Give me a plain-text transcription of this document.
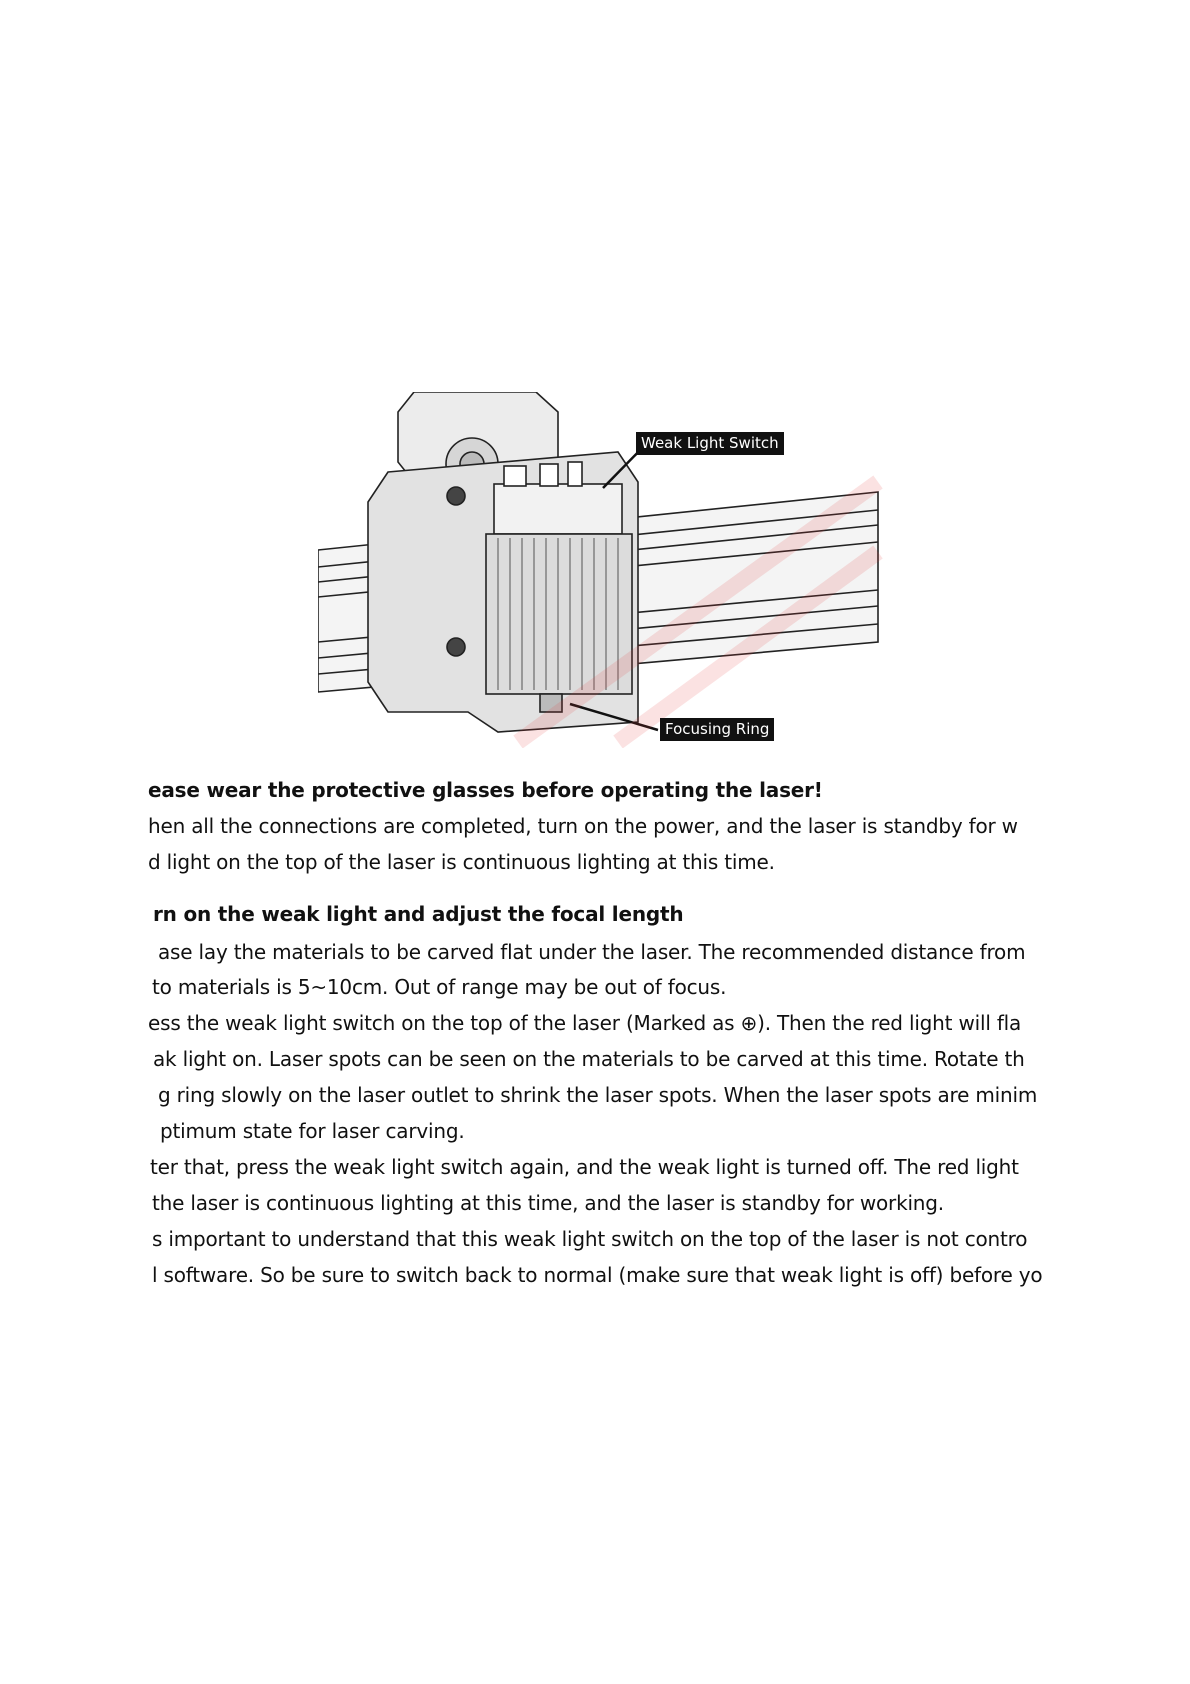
Weak Light Switch
Focusing Ring
ease wear the protective glasses before operating the laser!
hen all the connections are completed, turn on the power, and the laser is standby for w
d light on the top of the laser is continuous lighting at this time.
rn on the weak light and adjust the focal length
ase lay the materials to be carved flat under the laser. The recommended distance from
to materials is 5~10cm. Out of range may be out of focus.
ess the weak light switch on the top of the laser (Marked as ⊕). Then the red light will fla
ak light on. Laser spots can be seen on the materials to be carved at this time. Rotate th
g ring slowly on the laser outlet to shrink the laser spots. When the laser spots are minim
ptimum state for laser carving.
ter that, press the weak light switch again, and the weak light is turned off. The red light
the laser is continuous lighting at this time, and the laser is standby for working.
s important to understand that this weak light switch on the top of the laser is not contro
l software. So be sure to switch back to normal (make sure that weak light is off) before yo
